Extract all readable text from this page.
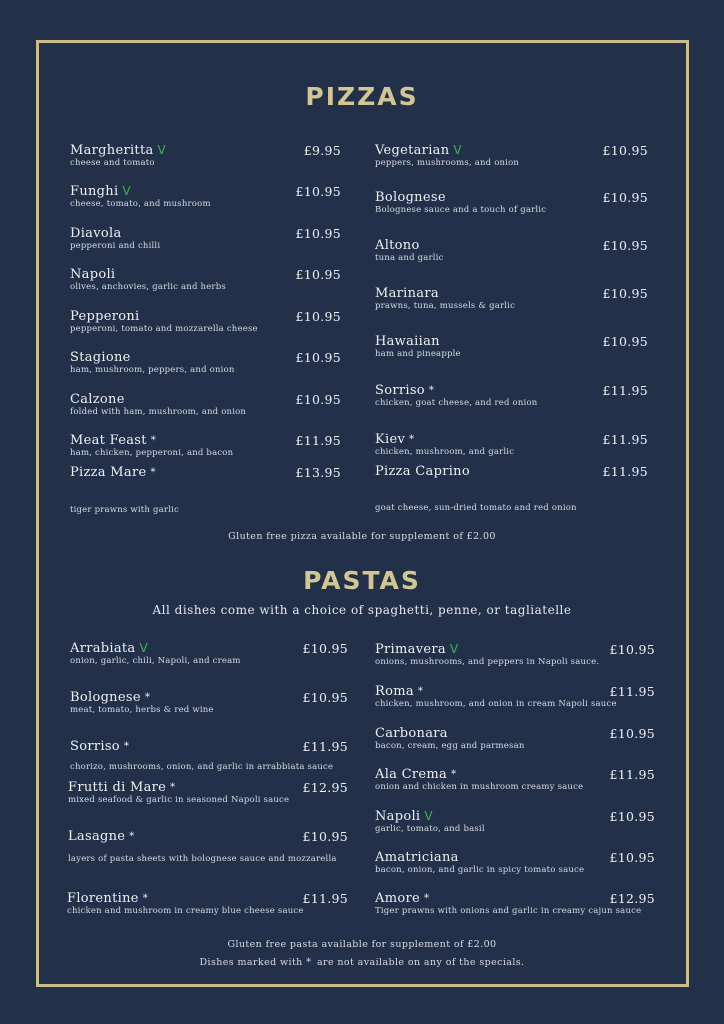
PIZZAS
Margheritta V
cheese and tomato
£9.95
Funghi V
cheese, tomato, and mushroom
£10.95
Diavola
pepperoni and chilli
£10.95
Napoli
olives, anchovies, garlic and herbs
£10.95
Pepperoni
pepperoni, tomato and mozzarella cheese
£10.95
Stagione
ham, mushroom, peppers, and onion
£10.95
Calzone
folded with ham, mushroom, and onion
£10.95
Meat Feast *
ham, chicken, pepperoni, and bacon
£11.95
Pizza Mare *
tiger prawns with garlic
£13.95
Vegetarian V
peppers, mushrooms, and onion
£10.95
Bolognese
Bolognese sauce and a touch of garlic
£10.95
Altono
tuna and garlic
£10.95
Marinara
prawns, tuna, mussels & garlic
£10.95
Hawaiian
ham and pineapple
£10.95
Sorriso *
chicken, goat cheese, and red onion
£11.95
Kiev *
chicken, mushroom, and garlic
£11.95
Pizza Caprino
goat cheese, sun-dried tomato and red onion
£11.95
Gluten free pizza available for supplement of £2.00
PASTAS
All dishes come with a choice of spaghetti, penne, or tagliatelle
Arrabiata V
onion, garlic, chili, Napoli, and cream
£10.95
Bolognese *
meat, tomato, herbs & red wine
£10.95
Sorriso *
chorizo, mushrooms, onion, and garlic in arrabbiata sauce
£11.95
Frutti di Mare *
mixed seafood & garlic in seasoned Napoli sauce
£12.95
Lasagne *
layers of pasta sheets with bolognese sauce and mozzarella
£10.95
Florentine *
chicken and mushroom in creamy blue cheese sauce
£11.95
Primavera V
onions, mushrooms, and peppers in Napoli sauce.
£10.95
Roma *
chicken, mushroom, and onion in cream Napoli sauce
£11.95
Carbonara
bacon, cream, egg and parmesan
£10.95
Ala Crema *
onion and chicken in mushroom creamy sauce
£11.95
Napoli V
garlic, tomato, and basil
£10.95
Amatriciana
bacon, onion, and garlic in spicy tomato sauce
£10.95
Amore *
Tiger prawns with onions and garlic in creamy cajun sauce
£12.95
Gluten free pasta available for supplement of £2.00
Dishes marked with * are not available on any of the specials.
